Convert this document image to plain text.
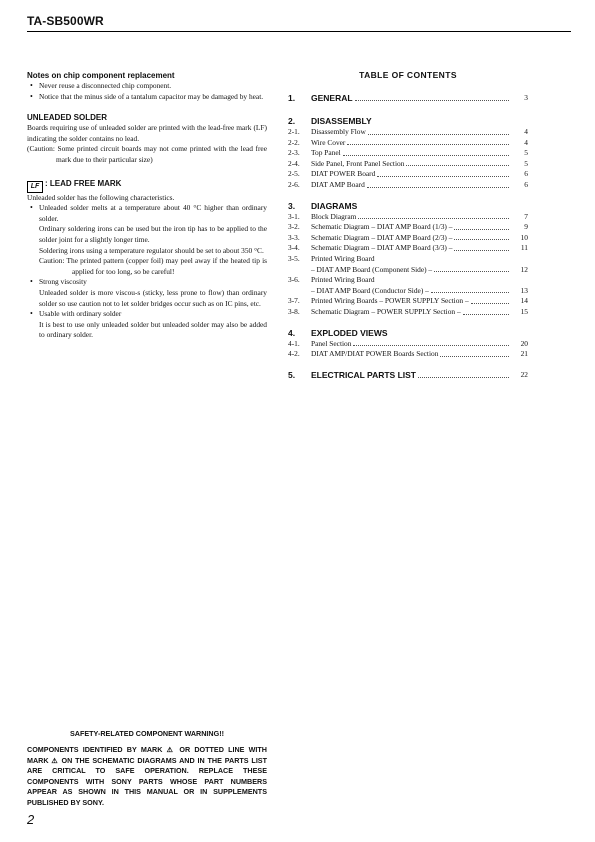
TA-SB500WR
Notes on chip component replacement
• Never reuse a disconnected chip component.
• Notice that the minus side of a tantalum capacitor may be damaged by heat.
UNLEADED SOLDER
Boards requiring use of unleaded solder are printed with the lead-free mark (LF) indicating the solder contains no lead.
(Caution: Some printed circuit boards may not come printed with the lead free mark due to their particular size)
LF : LEAD FREE MARK
Unleaded solder has the following characteristics.
• Unleaded solder melts at a temperature about 40 °C higher than ordinary solder.
Ordinary soldering irons can be used but the iron tip has to be applied to the solder joint for a slightly longer time.
Soldering irons using a temperature regulator should be set to about 350 °C.
Caution: The printed pattern (copper foil) may peel away if the heated tip is applied for too long, so be careful!
• Strong viscosity
Unleaded solder is more viscou-s (sticky, less prone to flow) than ordinary solder so use caution not to let solder bridges occur such as on IC pins, etc.
• Usable with ordinary solder
It is best to use only unleaded solder but unleaded solder may also be added to ordinary solder.
TABLE OF CONTENTS
1.	GENERAL	3
2.	DISASSEMBLY
2-1.	Disassembly Flow	4
2-2.	Wire Cover	4
2-3.	Top Panel	5
2-4.	Side Panel, Front Panel Section	5
2-5.	DIAT POWER Board	6
2-6.	DIAT AMP Board	6
3.	DIAGRAMS
3-1.	Block Diagram	7
3-2.	Schematic Diagram – DIAT AMP Board (1/3) –	9
3-3.	Schematic Diagram – DIAT AMP Board (2/3) –	10
3-4.	Schematic Diagram – DIAT AMP Board (3/3) –	11
3-5.	Printed Wiring Board
– DIAT AMP Board (Component Side) –	12
3-6.	Printed Wiring Board
– DIAT AMP Board (Conductor Side) –	13
3-7.	Printed Wiring Boards – POWER SUPPLY Section –	14
3-8.	Schematic Diagram – POWER SUPPLY Section –	15
4.	EXPLODED VIEWS
4-1.	Panel Section	20
4-2.	DIAT AMP/DIAT POWER Boards Section	21
5.	ELECTRICAL PARTS LIST	22
SAFETY-RELATED COMPONENT WARNING!!
COMPONENTS IDENTIFIED BY MARK ⚠ OR DOTTED LINE WITH MARK ⚠ ON THE SCHEMATIC DIAGRAMS AND IN THE PARTS LIST ARE CRITICAL TO SAFE OPERATION. REPLACE THESE COMPONENTS WITH SONY PARTS WHOSE PART NUMBERS APPEAR AS SHOWN IN THIS MANUAL OR IN SUPPLEMENTS PUBLISHED BY SONY.
2
